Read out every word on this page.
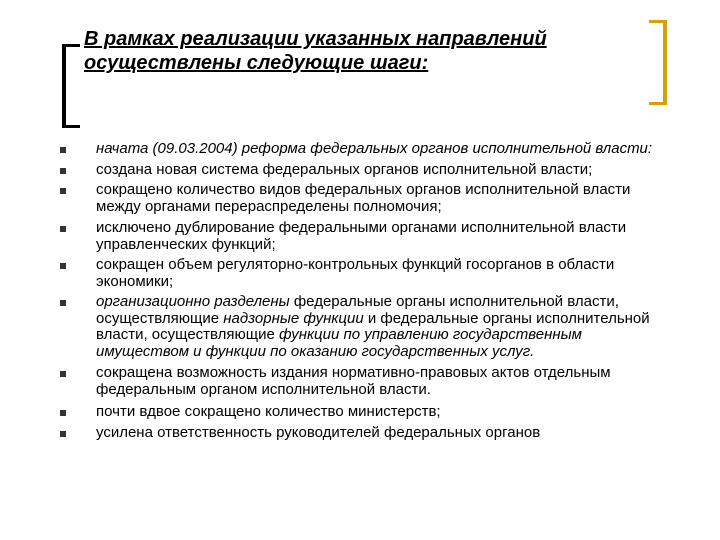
В рамках реализации указанных направлений
осуществлены следующие шаги:
начата (09.03.2004) реформа федеральных органов исполнительной власти:
создана новая система федеральных органов исполнительной власти;
сокращено количество видов федеральных органов исполнительной власти между органами перераспределены полномочия;
исключено дублирование федеральными органами исполнительной власти управленческих функций;
сокращен объем регуляторно-контрольных функций госорганов в области экономики;
организационно разделены федеральные органы исполнительной власти, осуществляющие надзорные функции и федеральные органы исполнительной власти, осуществляющие функции по управлению государственным имуществом и функции по оказанию государственных услуг.
сокращена возможность издания нормативно-правовых актов отдельным федеральным органом исполнительной власти.
почти вдвое сокращено количество министерств;
усилена ответственность руководителей федеральных органов
